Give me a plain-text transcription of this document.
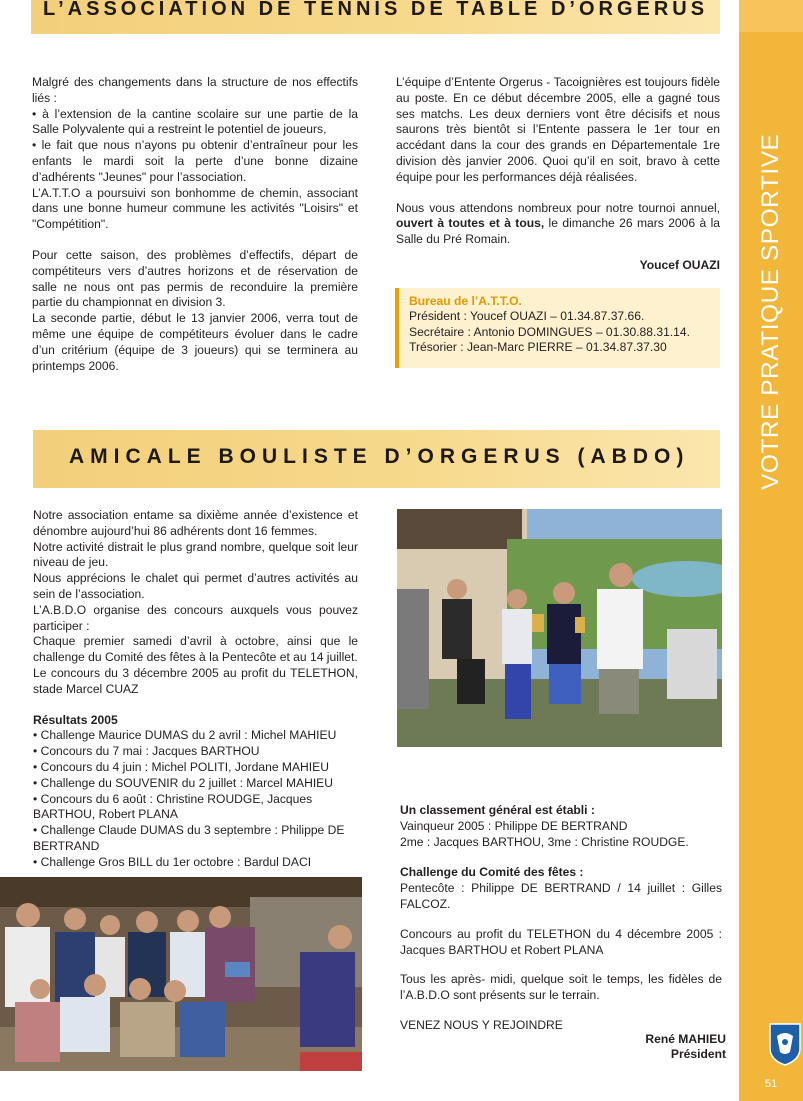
VOTRE PRATIQUE SPORTIVE
51
L’ASSOCIATION DE TENNIS DE TABLE D’ORGERUS

Malgré des changements dans la structure de nos effectifs liés :

• à l’extension de la cantine scolaire sur une partie de la Salle Polyvalente qui a restreint le potentiel de joueurs,

• le fait que nous n’ayons pu obtenir d’entraîneur pour les enfants le mardi soit la perte d’une bonne dizaine d’adhérents "Jeunes" pour l’association.

L’A.T.T.O a poursuivi son bonhomme de chemin, associant dans une bonne humeur commune les activités "Loisirs" et "Compétition".

Pour cette saison, des problèmes d’effectifs, départ de compétiteurs vers d’autres horizons et de réservation de salle ne nous ont pas permis de reconduire la première partie du championnat en division 3.

La seconde partie, début le 13 janvier 2006, verra tout de même une équipe de compétiteurs évoluer dans le cadre d’un critérium (équipe de 3 joueurs) qui se terminera au printemps 2006.

L’équipe d’Entente Orgerus - Tacoignières est toujours fidèle au poste. En ce début décembre 2005, elle a gagné tous ses matchs. Les deux derniers vont être décisifs et nous saurons très bientôt si l’Entente passera le 1er tour en accédant dans la cour des grands en Départementale 1re division dès janvier 2006. Quoi qu’il en soit, bravo à cette équipe pour les performances déjà réalisées.

Nous vous attendons nombreux pour notre tournoi annuel, ouvert à toutes et à tous, le dimanche 26 mars 2006 à la Salle du Pré Romain.

Youcef OUAZI
Bureau de l’A.T.T.O.
Président : Youcef OUAZI – 01.34.87.37.66.
Secrétaire : Antonio DOMINGUES – 01.30.88.31.14.
Trésorier : Jean-Marc PIERRE – 01.34.87.37.30
AMICALE BOULISTE D’ORGERUS (ABDO)

Notre association entame sa dixième année d’existence et dénombre aujourd’hui 86 adhérents dont 16 femmes.

Notre activité distrait le plus grand nombre, quelque soit leur niveau de jeu.

Nous apprécions le chalet qui permet d’autres activités au sein de l’association.

L’A.B.D.O organise des concours auxquels vous pouvez participer :

Chaque premier samedi d’avril à octobre, ainsi que le challenge du Comité des fêtes à la Pentecôte et au 14 juillet.

Le concours du 3 décembre 2005 au profit du TELETHON, stade Marcel CUAZ

Résultats 2005

• Challenge Maurice DUMAS du 2 avril : Michel MAHIEU

• Concours du 7 mai : Jacques BARTHOU

• Concours du 4 juin : Michel POLITI, Jordane MAHIEU

• Challenge du SOUVENIR du 2 juillet : Marcel MAHIEU

• Concours du 6 août : Christine ROUDGE, Jacques BARTHOU, Robert PLANA

• Challenge Claude DUMAS du 3 septembre : Philippe DE BERTRAND

• Challenge Gros BILL du 1er octobre : Bardul DACI

Un classement général est établi :

Vainqueur 2005 : Philippe DE BERTRAND

2me : Jacques BARTHOU, 3me : Christine ROUDGE.

Challenge du Comité des fêtes :

Pentecôte : Philippe DE BERTRAND / 14 juillet : Gilles FALCOZ.

Concours au profit du TELETHON du 4 décembre 2005 : Jacques BARTHOU et Robert PLANA

Tous les après- midi, quelque soit le temps, les fidèles de l’A.B.D.O sont présents sur le terrain.

VENEZ NOUS Y REJOINDRE

René MAHIEU
Président
